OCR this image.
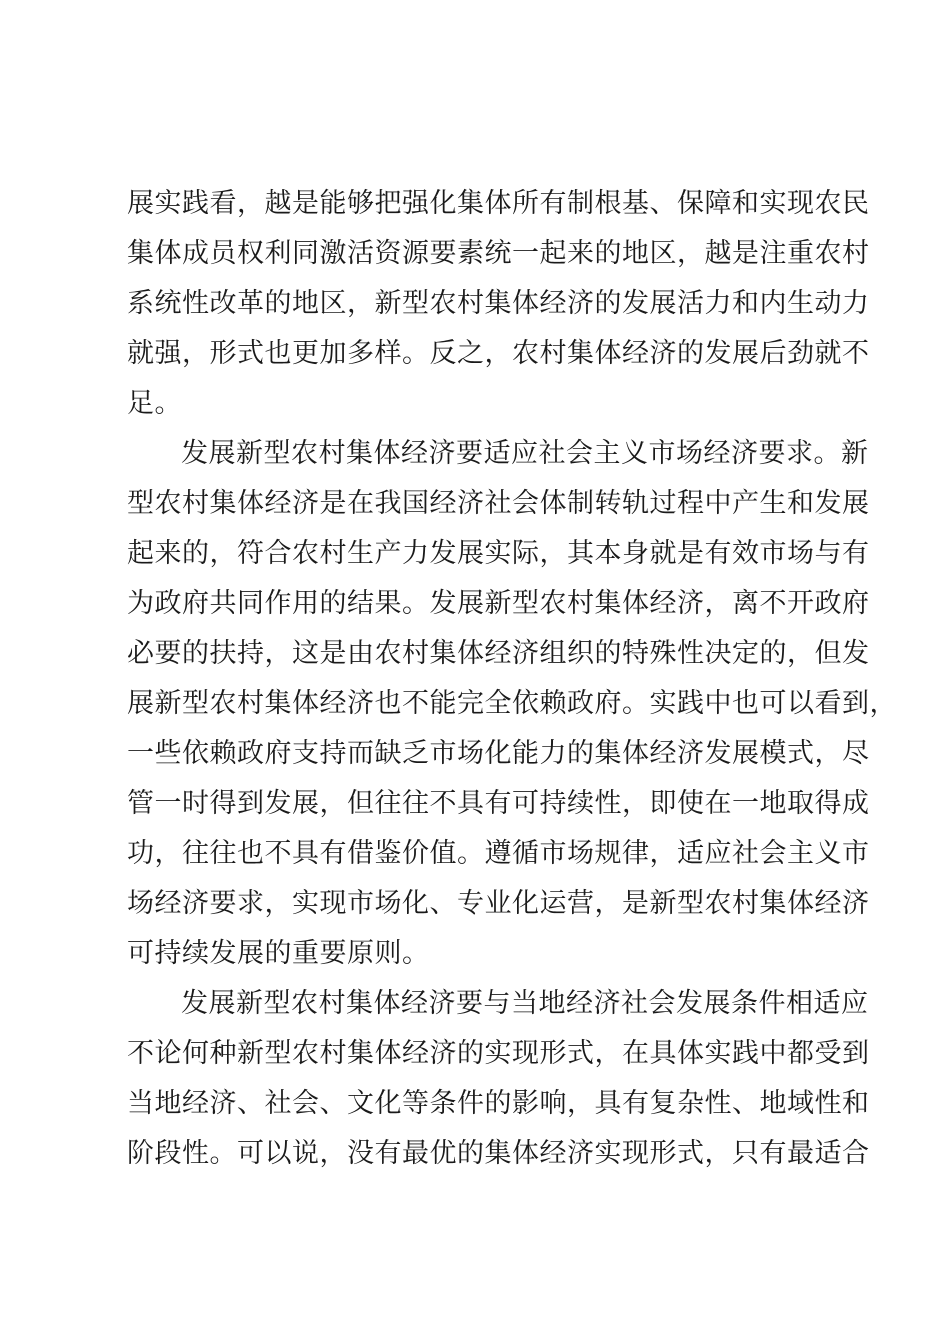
展实践看，越是能够把强化集体所有制根基、保障和实现农民
集体成员权利同激活资源要素统一起来的地区，越是注重农村
系统性改革的地区，新型农村集体经济的发展活力和内生动力
就强，形式也更加多样。反之，农村集体经济的发展后劲就不
足。
发展新型农村集体经济要适应社会主义市场经济要求。新
型农村集体经济是在我国经济社会体制转轨过程中产生和发展
起来的，符合农村生产力发展实际，其本身就是有效市场与有
为政府共同作用的结果。发展新型农村集体经济，离不开政府
必要的扶持，这是由农村集体经济组织的特殊性决定的，但发
展新型农村集体经济也不能完全依赖政府。实践中也可以看到，
一些依赖政府支持而缺乏市场化能力的集体经济发展模式，尽
管一时得到发展，但往往不具有可持续性，即使在一地取得成
功，往往也不具有借鉴价值。遵循市场规律，适应社会主义市
场经济要求，实现市场化、专业化运营，是新型农村集体经济
可持续发展的重要原则。
发展新型农村集体经济要与当地经济社会发展条件相适应
不论何种新型农村集体经济的实现形式，在具体实践中都受到
当地经济、社会、文化等条件的影响，具有复杂性、地域性和
阶段性。可以说，没有最优的集体经济实现形式，只有最适合
